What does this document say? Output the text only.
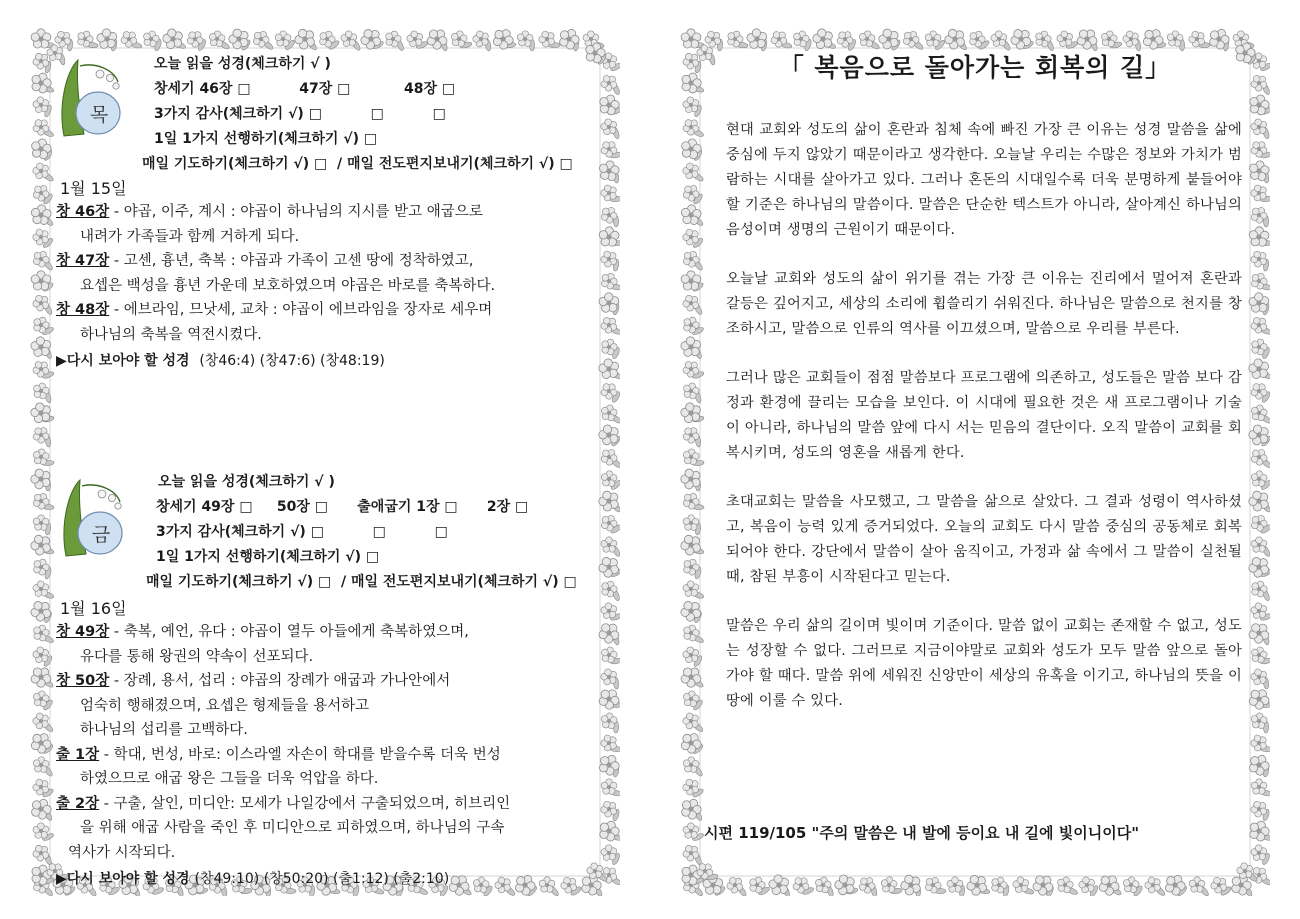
목
오늘 읽을 성경(체크하기 √ )
창세기 46장 □          47장 □           48장 □
3가지 감사(체크하기 √) □          □          □
1일 1가지 선행하기(체크하기 √) □
매일 기도하기(체크하기 √) □  / 매일 전도편지보내기(체크하기 √) □
1월 15일
창 46장 - 야곱, 이주, 계시 : 야곱이 하나님의 지시를 받고 애굽으로
내려가 가족들과 함께 거하게 되다.
창 47장 - 고센, 흉년, 축복 : 야곱과 가족이 고센 땅에 정착하였고,
요셉은 백성을 흉년 가운데 보호하였으며 야곱은 바로를 축복하다.
창 48장 - 에브라임, 므낫세, 교차 : 야곱이 에브라임을 장자로 세우며
하나님의 축복을 역전시켰다.
▶다시 보아야 할 성경 (창46:4) (창47:6) (창48:19)
금
오늘 읽을 성경(체크하기 √ )
창세기 49장 □     50장 □      출애굽기 1장 □      2장 □
3가지 감사(체크하기 √) □          □          □
1일 1가지 선행하기(체크하기 √) □
매일 기도하기(체크하기 √) □  / 매일 전도편지보내기(체크하기 √) □
1월 16일
창 49장 - 축복, 예언, 유다 : 야곱이 열두 아들에게 축복하였으며,
유다를 통해 왕권의 약속이 선포되다.
창 50장 - 장례, 용서, 섭리 : 야곱의 장례가 애굽과 가나안에서
엄숙히 행해졌으며, 요셉은 형제들을 용서하고
하나님의 섭리를 고백하다.
출 1장 - 학대, 번성, 바로: 이스라엘 자손이 학대를 받을수록 더욱 번성
하였으므로 애굽 왕은 그들을 더욱 억압을 하다.
출 2장 - 구출, 살인, 미디안: 모세가 나일강에서 구출되었으며, 히브리인
을 위해 애굽 사람을 죽인 후 미디안으로 피하였으며, 하나님의 구속
역사가 시작되다.
▶다시 보아야 할 성경 (창49:10) (창50:20) (출1:12) (출2:10)
「 복음으로 돌아가는 회복의 길」

현대 교회와 성도의 삶이 혼란과 침체 속에 빠진 가장 큰 이유는 성경 말씀을 삶에 중심에 두지 않았기 때문이라고 생각한다. 오늘날 우리는 수많은 정보와 가치가 범람하는 시대를 살아가고 있다. 그러나 혼돈의 시대일수록 더욱 분명하게 붙들어야 할 기준은 하나님의 말씀이다. 말씀은 단순한 텍스트가 아니라, 살아계신 하나님의 음성이며 생명의 근원이기 때문이다.

오늘날 교회와 성도의 삶이 위기를 겪는 가장 큰 이유는 진리에서 멀어져 혼란과 갈등은 깊어지고, 세상의 소리에 휩쓸리기 쉬워진다. 하나님은 말씀으로 천지를 창조하시고, 말씀으로 인류의 역사를 이끄셨으며, 말씀으로 우리를 부른다.

그러나 많은 교회들이 점점 말씀보다 프로그램에 의존하고, 성도들은 말씀 보다 감정과 환경에 끌리는 모습을 보인다. 이 시대에 필요한 것은 새 프로그램이나 기술이 아니라, 하나님의 말씀 앞에 다시 서는 믿음의 결단이다. 오직 말씀이 교회를 회복시키며, 성도의 영혼을 새롭게 한다.

초대교회는 말씀을 사모했고, 그 말씀을 삶으로 살았다. 그 결과 성령이 역사하셨고, 복음이 능력 있게 증거되었다. 오늘의 교회도 다시 말씀 중심의 공동체로 회복되어야 한다. 강단에서 말씀이 살아 움직이고, 가정과 삶 속에서 그 말씀이 실천될 때, 참된 부흥이 시작된다고 믿는다.

말씀은 우리 삶의 길이며 빛이며 기준이다. 말씀 없이 교회는 존재할 수 없고, 성도는 성장할 수 없다. 그러므로 지금이야말로 교회와 성도가 모두 말씀 앞으로 돌아가야 할 때다. 말씀 위에 세워진 신앙만이 세상의 유혹을 이기고, 하나님의 뜻을 이 땅에 이룰 수 있다.

시편 119/105 "주의 말씀은 내 발에 등이요 내 길에 빛이니이다"
